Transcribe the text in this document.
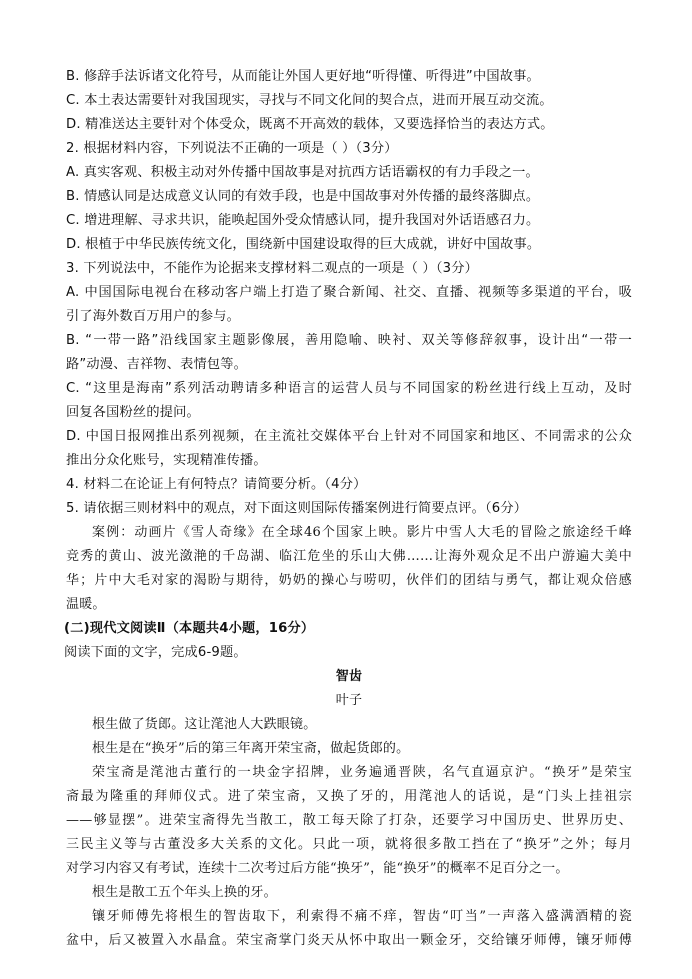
B. 修辞手法诉诸文化符号，从而能让外国人更好地“听得懂、听得进”中国故事。
C. 本土表达需要针对我国现实，寻找与不同文化间的契合点，进而开展互动交流。
D. 精准送达主要针对个体受众，既离不开高效的载体，又要选择恰当的表达方式。
2. 根据材料内容，下列说法不正确的一项是（ ）（3分）
A. 真实客观、积极主动对外传播中国故事是对抗西方话语霸权的有力手段之一。
B. 情感认同是达成意义认同的有效手段，也是中国故事对外传播的最终落脚点。
C. 增进理解、寻求共识，能唤起国外受众情感认同，提升我国对外话语感召力。
D. 根植于中华民族传统文化，围绕新中国建设取得的巨大成就，讲好中国故事。
3. 下列说法中，不能作为论据来支撑材料二观点的一项是（ ）（3分）
A. 中国国际电视台在移动客户端上打造了聚合新闻、社交、直播、视频等多渠道的平台，吸
引了海外数百万用户的参与。
B. “一带一路”沿线国家主题影像展，善用隐喻、映衬、双关等修辞叙事，设计出“一带一
路”动漫、吉祥物、表情包等。
C. “这里是海南”系列活动聘请多种语言的运营人员与不同国家的粉丝进行线上互动，及时
回复各国粉丝的提问。
D. 中国日报网推出系列视频，在主流社交媒体平台上针对不同国家和地区、不同需求的公众
推出分众化账号，实现精准传播。
4. 材料二在论证上有何特点？请简要分析。（4分）
5. 请依据三则材料中的观点，对下面这则国际传播案例进行简要点评。（6分）
案例：动画片《雪人奇缘》在全球46个国家上映。影片中雪人大毛的冒险之旅途经千峰
竞秀的黄山、波光潋滟的千岛湖、临江危坐的乐山大佛……让海外观众足不出户游遍大美中
华；片中大毛对家的渴盼与期待，奶奶的操心与唠叨，伙伴们的团结与勇气，都让观众倍感
温暖。
(二)现代文阅读Ⅱ（本题共4小题，16分）
阅读下面的文字，完成6-9题。
智齿
叶子
根生做了货郎。这让滗池人大跌眼镜。
根生是在“换牙”后的第三年离开荣宝斋，做起货郎的。
荣宝斋是滗池古董行的一块金字招牌，业务遍通晋陕，名气直逼京沪。“换牙”是荣宝
斋最为隆重的拜师仪式。进了荣宝斋，又换了牙的，用滗池人的话说，是“门头上挂祖宗
——够显摆”。进荣宝斋得先当散工，散工每天除了打杂，还要学习中国历史、世界历史、
三民主义等与古董没多大关系的文化。只此一项，就将很多散工挡在了“换牙”之外；每月
对学习内容又有考试，连续十二次考过后方能“换牙”，能“换牙”的概率不足百分之一。
根生是散工五个年头上换的牙。
镶牙师傅先将根生的智齿取下，利索得不痛不痒，智齿“叮当”一声落入盛满酒精的瓷
盆中，后又被置入水晶盒。荣宝斋掌门炎天从怀中取出一颗金牙，交给镶牙师傅，镶牙师傅
